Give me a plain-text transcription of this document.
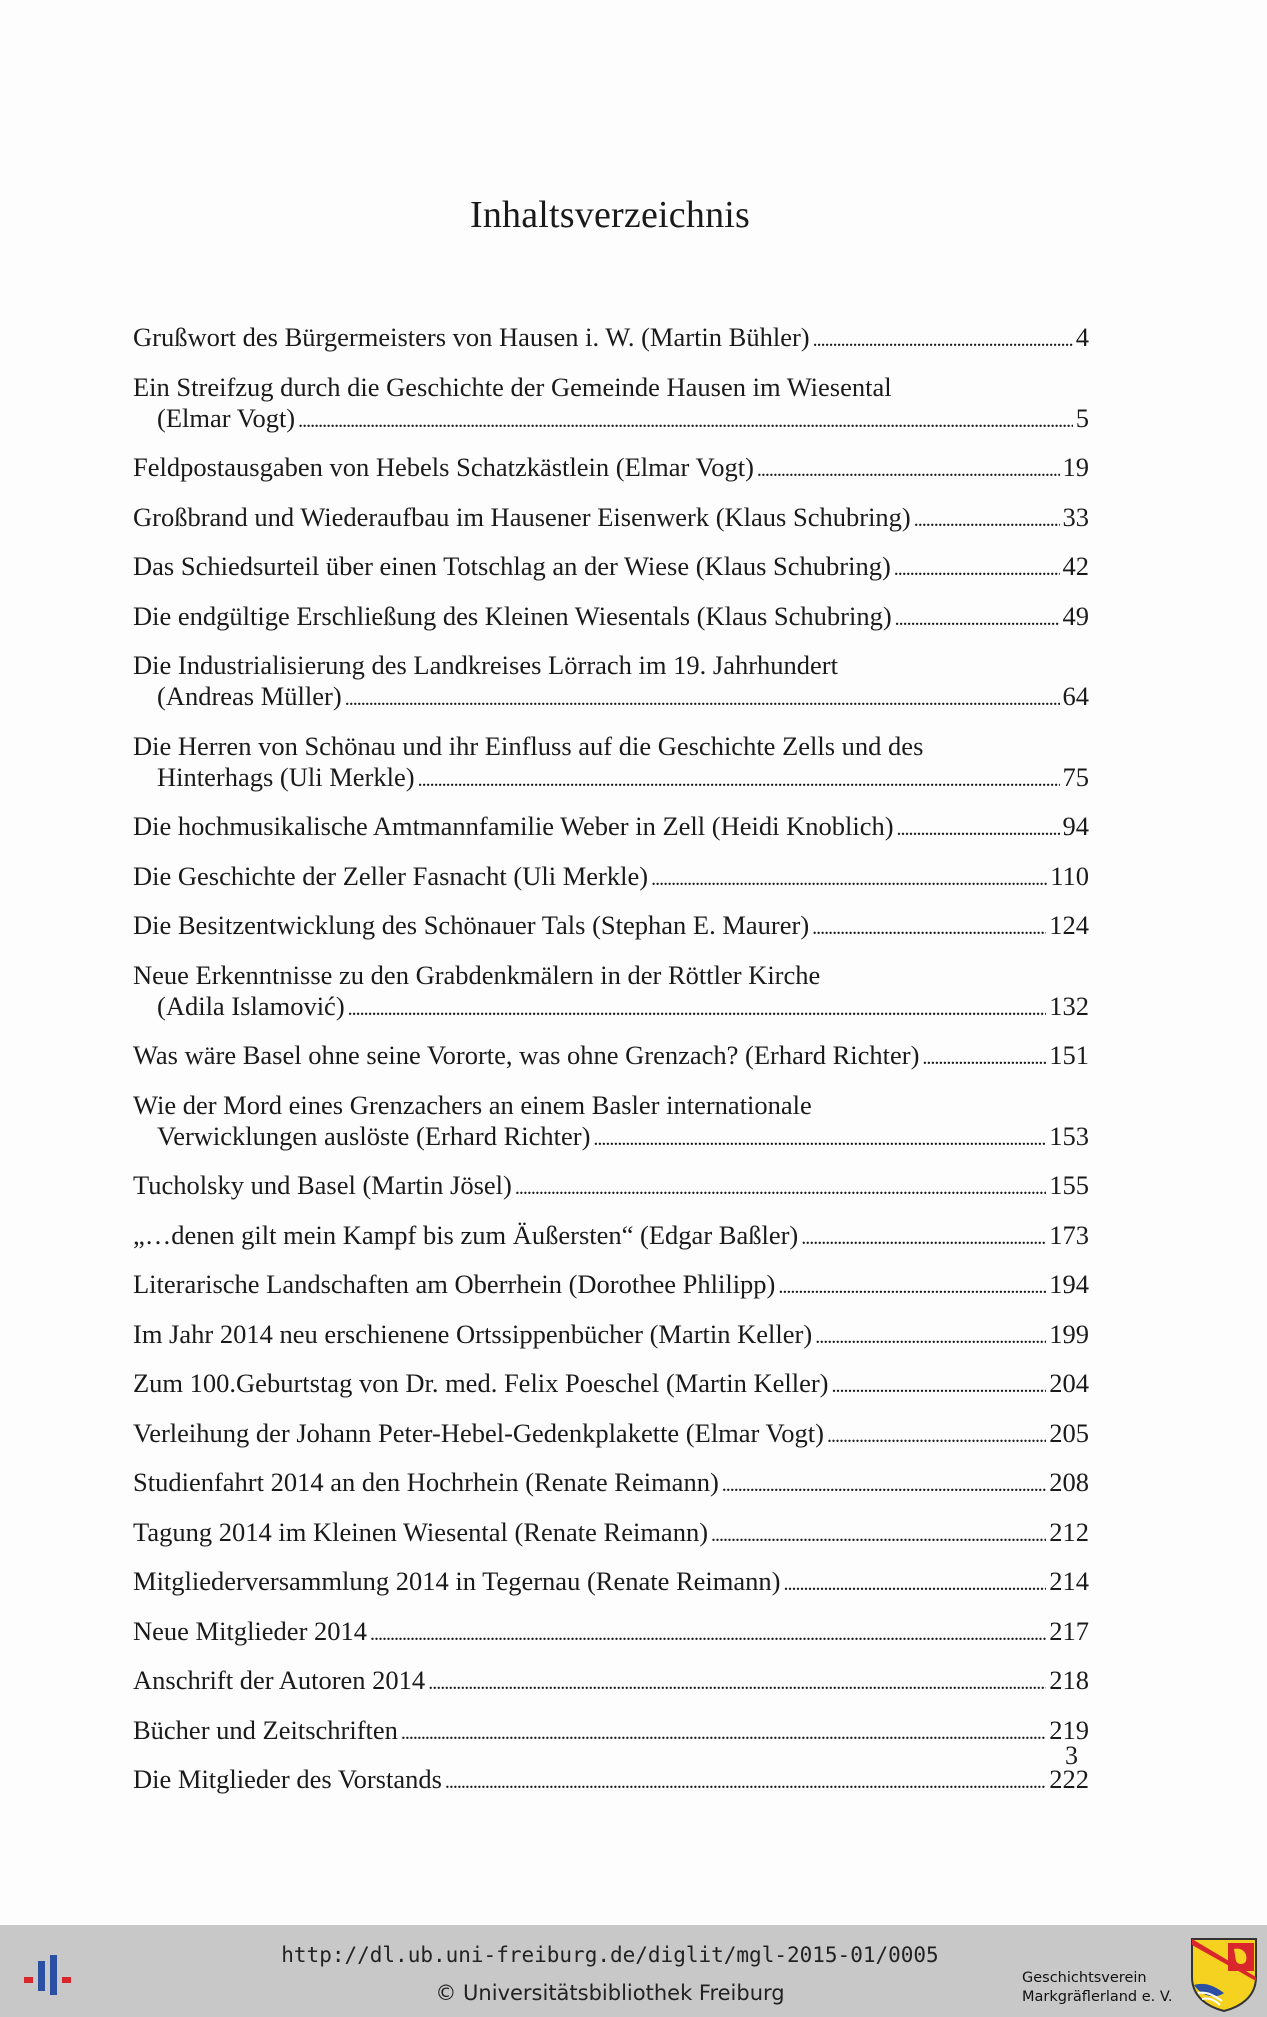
Inhaltsverzeichnis
Grußwort des Bürgermeisters von Hausen i. W. (Martin Bühler) . . .	4
Ein Streifzug durch die Geschichte der Gemeinde Hausen im Wiesental
(Elmar Vogt) . . .	5
Feldpostausgaben von Hebels Schatzkästlein (Elmar Vogt) . . .	19
Großbrand und Wiederaufbau im Hausener Eisenwerk (Klaus Schubring) . . .	33
Das Schiedsurteil über einen Totschlag an der Wiese (Klaus Schubring) . . .	42
Die endgültige Erschließung des Kleinen Wiesentals (Klaus Schubring) . . .	49
Die Industrialisierung des Landkreises Lörrach im 19. Jahrhundert
(Andreas Müller) . . .	64
Die Herren von Schönau und ihr Einfluss auf die Geschichte Zells und des
Hinterhags (Uli Merkle) . . .	75
Die hochmusikalische Amtmannfamilie Weber in Zell (Heidi Knoblich) . . .	94
Die Geschichte der Zeller Fasnacht (Uli Merkle) . . .	110
Die Besitzentwicklung des Schönauer Tals (Stephan E. Maurer) . . .	124
Neue Erkenntnisse zu den Grabdenkmälern in der Röttler Kirche
(Adila Islamović) . . .	132
Was wäre Basel ohne seine Vororte, was ohne Grenzach? (Erhard Richter) . . .	151
Wie der Mord eines Grenzachers an einem Basler internationale
Verwicklungen auslöste (Erhard Richter) . . .	153
Tucholsky und Basel (Martin Jösel) . . .	155
„…denen gilt mein Kampf bis zum Äußersten“ (Edgar Baßler) . . .	173
Literarische Landschaften am Oberrhein (Dorothee Phlilipp) . . .	194
Im Jahr 2014 neu erschienene Ortssippenbücher (Martin Keller) . . .	199
Zum 100.Geburtstag von Dr. med. Felix Poeschel (Martin Keller) . . .	204
Verleihung der Johann Peter-Hebel-Gedenkplakette (Elmar Vogt) . . .	205
Studienfahrt 2014 an den Hochrhein (Renate Reimann) . . .	208
Tagung 2014 im Kleinen Wiesental (Renate Reimann) . . .	212
Mitgliederversammlung 2014 in Tegernau (Renate Reimann) . . .	214
Neue Mitglieder 2014 . . .	217
Anschrift der Autoren 2014 . . .	218
Bücher und Zeitschriften . . .	219
Die Mitglieder des Vorstands . . .	222
3
http://dl.ub.uni-freiburg.de/diglit/mgl-2015-01/0005
© Universitätsbibliothek Freiburg
Geschichtsverein
Markgräflerland e. V.
